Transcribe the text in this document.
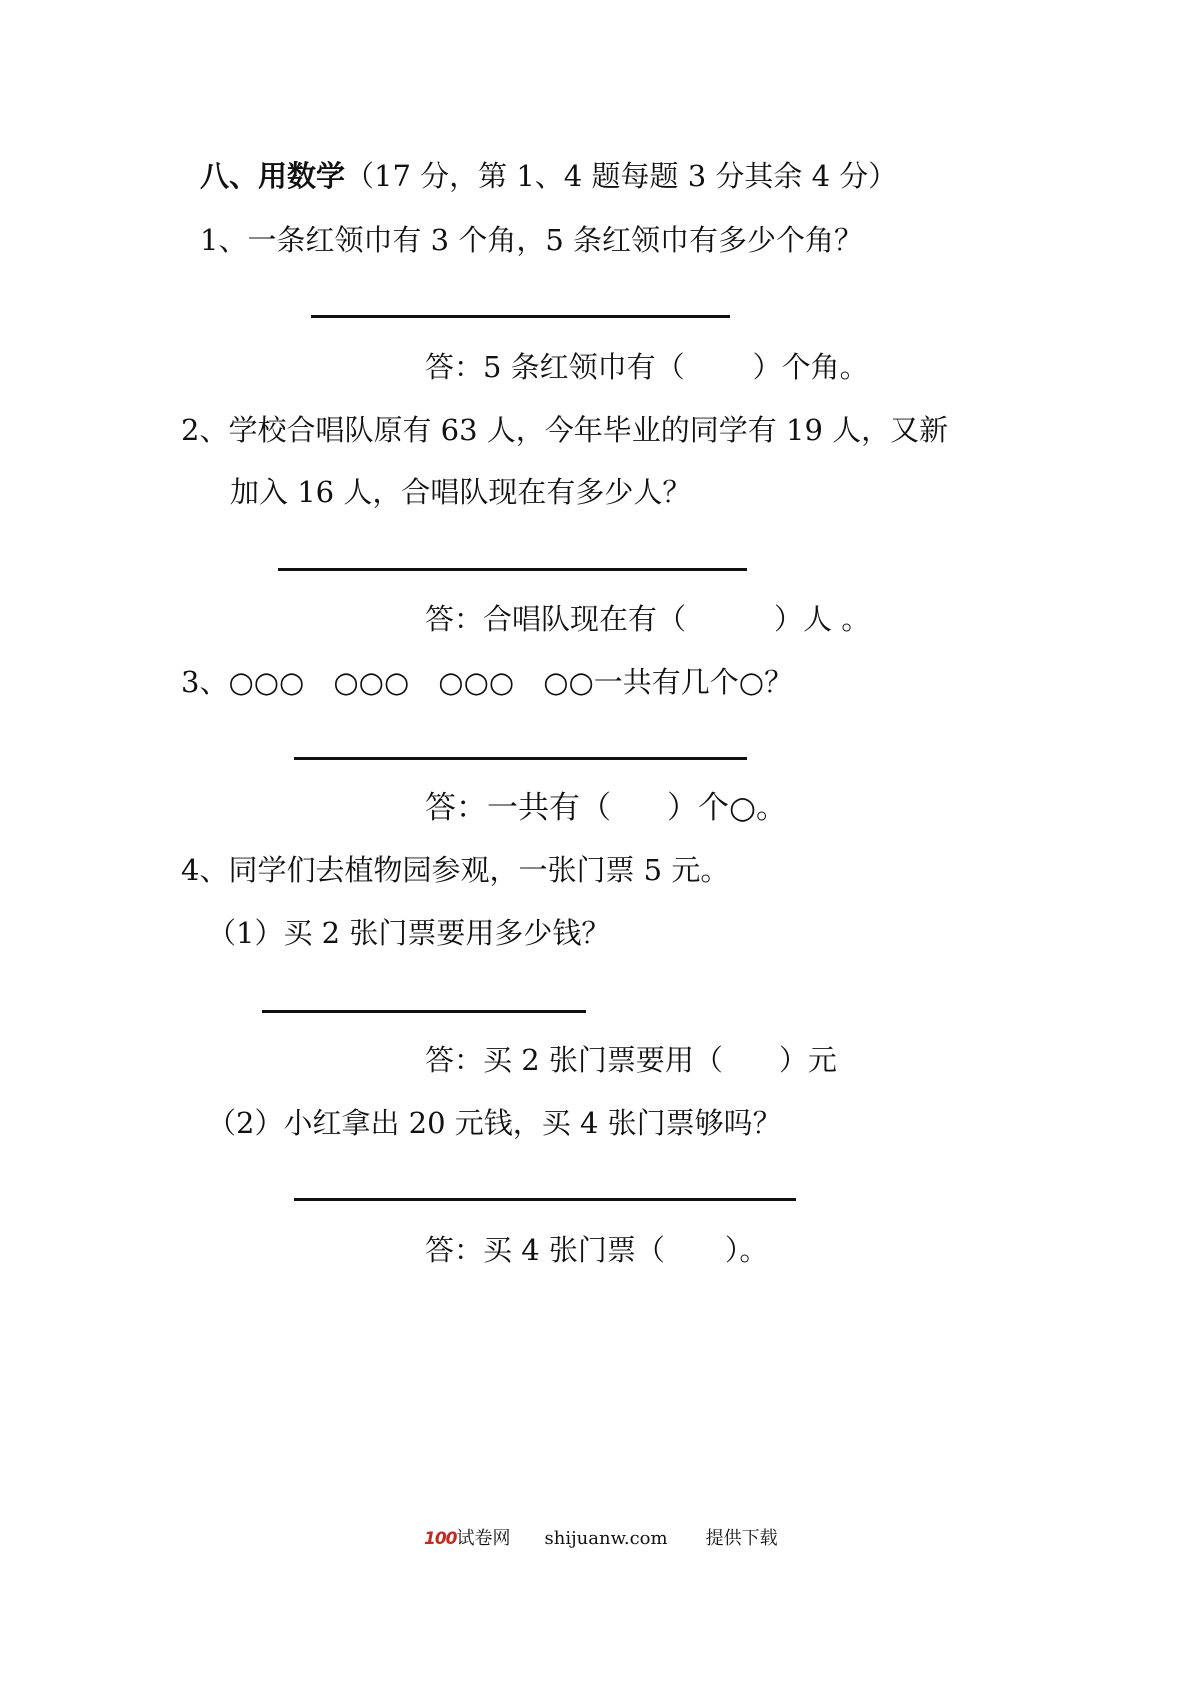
八、用数学（17 分，第 1、4 题每题 3 分其余 4 分）
1、一条红领巾有 3 个角，5 条红领巾有多少个角？
答：5 条红领巾有（ ）个角。
2、学校合唱队原有 63 人，今年毕业的同学有 19 人，又新
加入 16 人，合唱队现在有多少人？
答：合唱队现在有（	）人 。
3、○○○　○○○　○○○　○○一共有几个○？
答：一共有（ ）个○。
4、同学们去植物园参观，一张门票 5 元。
（1）买 2 张门票要用多少钱？
答：买 2 张门票要用（ ）元
（2）小红拿出 20 元钱，买 4 张门票够吗？
答：买 4 张门票（ ）。
100试卷网 shijuanw.com 提供下载
